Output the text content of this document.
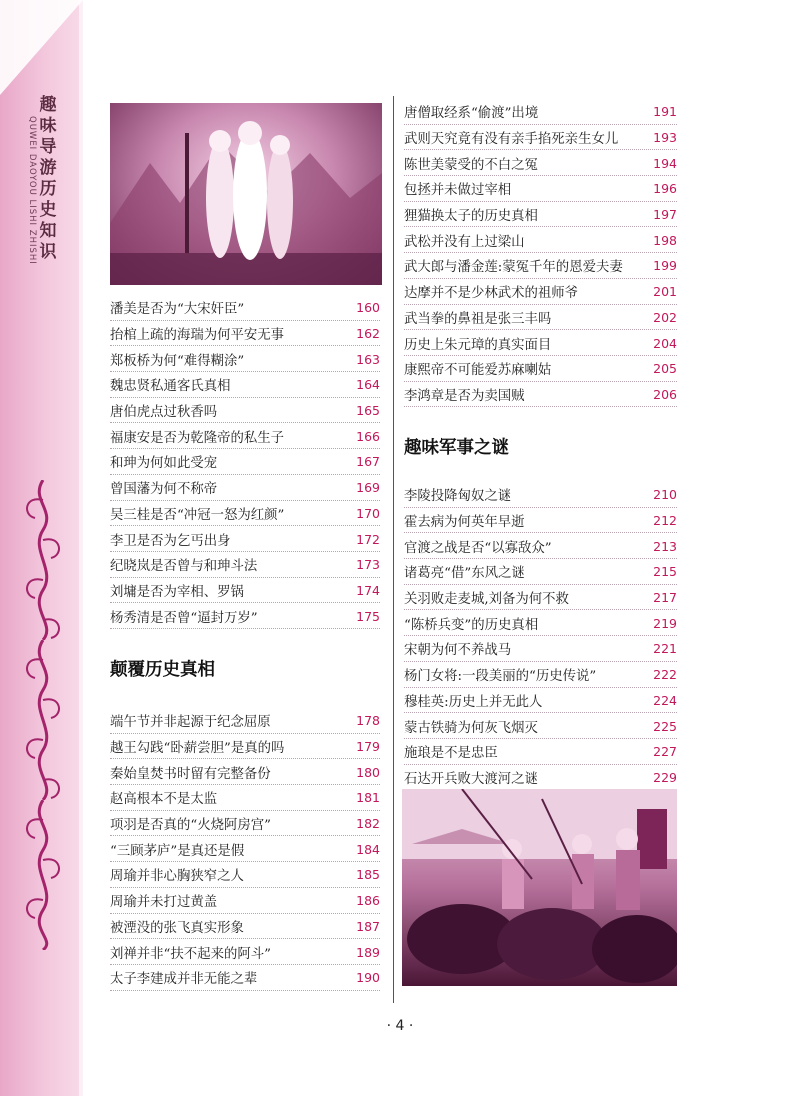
趣
味
导
游
历
史
知
识
QUWEI DAOYOU LISHI ZHISHI
潘美是否为“大宋奸臣”	160
抬棺上疏的海瑞为何平安无事	162
郑板桥为何“难得糊涂”	163
魏忠贤私通客氏真相	164
唐伯虎点过秋香吗	165
福康安是否为乾隆帝的私生子	166
和珅为何如此受宠	167
曾国藩为何不称帝	169
吴三桂是否“冲冠一怒为红颜”	170
李卫是否为乞丐出身	172
纪晓岚是否曾与和珅斗法	173
刘墉是否为宰相、罗锅	174
杨秀清是否曾“逼封万岁”	175
颠覆历史真相
端午节并非起源于纪念屈原	178
越王勾践“卧薪尝胆”是真的吗	179
秦始皇焚书时留有完整备份	180
赵高根本不是太监	181
项羽是否真的“火烧阿房宫”	182
“三顾茅庐”是真还是假	184
周瑜并非心胸狭窄之人	185
周瑜并未打过黄盖	186
被湮没的张飞真实形象	187
刘禅并非“扶不起来的阿斗”	189
太子李建成并非无能之辈	190
唐僧取经系“偷渡”出境	191
武则天究竟有没有亲手掐死亲生女儿	193
陈世美蒙受的不白之冤	194
包拯并未做过宰相	196
狸猫换太子的历史真相	197
武松并没有上过梁山	198
武大郎与潘金莲:蒙冤千年的恩爱夫妻 199
达摩并不是少林武术的祖师爷	201
武当拳的鼻祖是张三丰吗	202
历史上朱元璋的真实面目	204
康熙帝不可能爱苏麻喇姑	205
李鸿章是否为卖国贼	206
趣味军事之谜
李陵投降匈奴之谜	210
霍去病为何英年早逝	212
官渡之战是否“以寡敌众”	213
诸葛亮“借”东风之谜	215
关羽败走麦城,刘备为何不救	217
“陈桥兵变”的历史真相	219
宋朝为何不养战马	221
杨门女将:一段美丽的“历史传说”	222
穆桂英:历史上并无此人	224
蒙古铁骑为何灰飞烟灭	225
施琅是不是忠臣	227
石达开兵败大渡河之谜	229
· 4 ·
